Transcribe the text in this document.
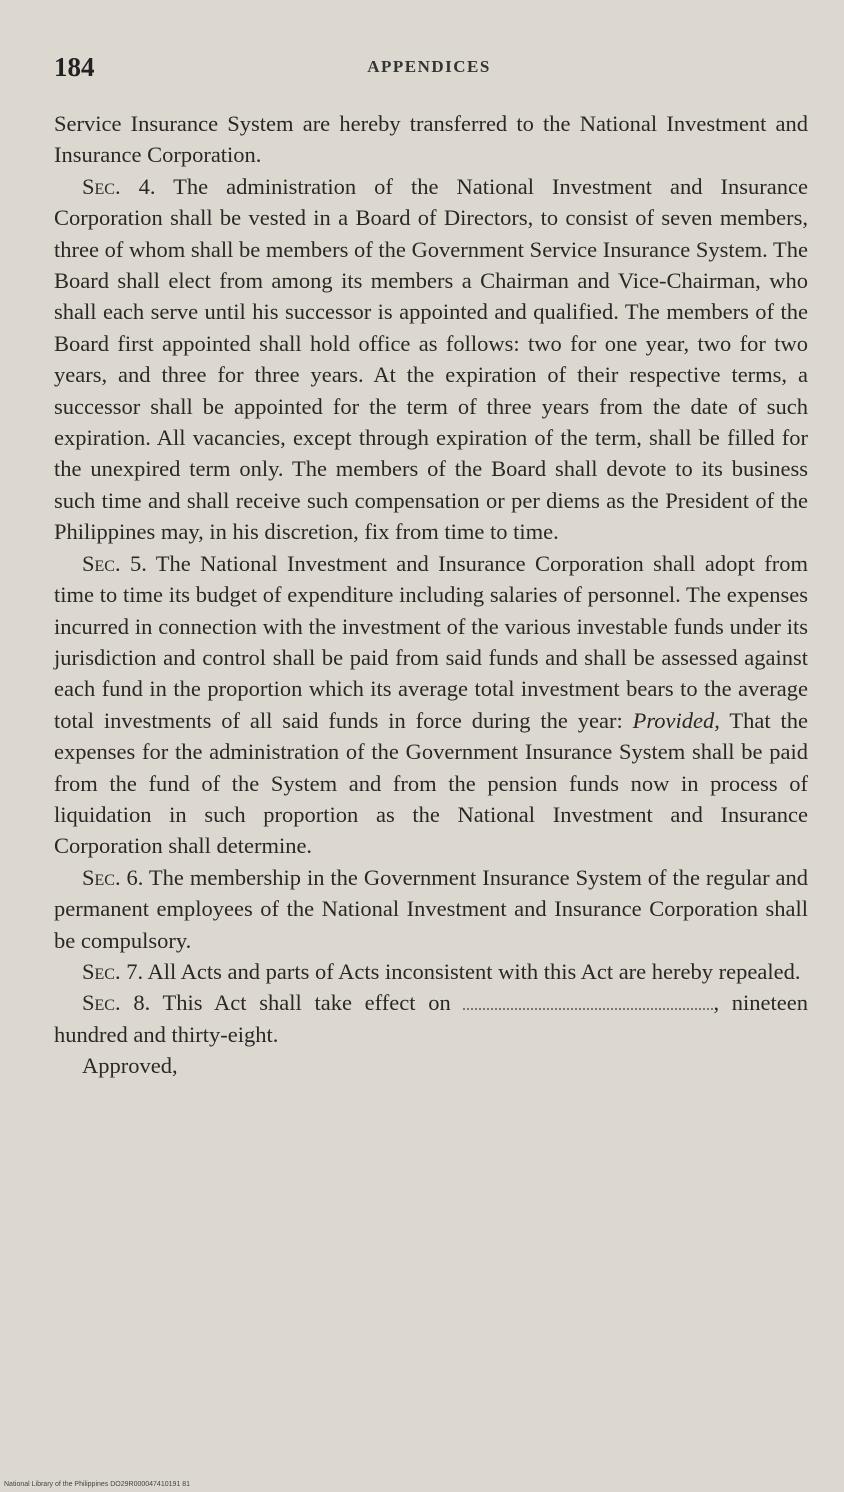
184	APPENDICES

Service Insurance System are hereby transferred to the National Investment and Insurance Corporation.

Sec. 4. The administration of the National Investment and Insurance Corporation shall be vested in a Board of Directors, to consist of seven members, three of whom shall be members of the Government Service Insurance System. The Board shall elect from among its members a Chairman and Vice-Chairman, who shall each serve until his successor is appointed and qualified. The members of the Board first appointed shall hold office as follows: two for one year, two for two years, and three for three years. At the expiration of their respective terms, a successor shall be appointed for the term of three years from the date of such expiration. All vacancies, except through expiration of the term, shall be filled for the unexpired term only. The members of the Board shall devote to its business such time and shall receive such compensation or per diems as the President of the Philippines may, in his discretion, fix from time to time.

Sec. 5. The National Investment and Insurance Corporation shall adopt from time to time its budget of expenditure including salaries of personnel. The expenses incurred in connection with the investment of the various investable funds under its jurisdiction and control shall be paid from said funds and shall be assessed against each fund in the proportion which its average total investment bears to the average total investments of all said funds in force during the year: Provided, That the expenses for the administration of the Government Insurance System shall be paid from the fund of the System and from the pension funds now in process of liquidation in such proportion as the National Investment and Insurance Corporation shall determine.

Sec. 6. The membership in the Government Insurance System of the regular and permanent employees of the National Investment and Insurance Corporation shall be compulsory.

Sec. 7. All Acts and parts of Acts inconsistent with this Act are hereby repealed.

Sec. 8. This Act shall take effect on	, nineteen hundred and thirty-eight.

Approved,

National Library of the Philippines DO29R000047410191 81
